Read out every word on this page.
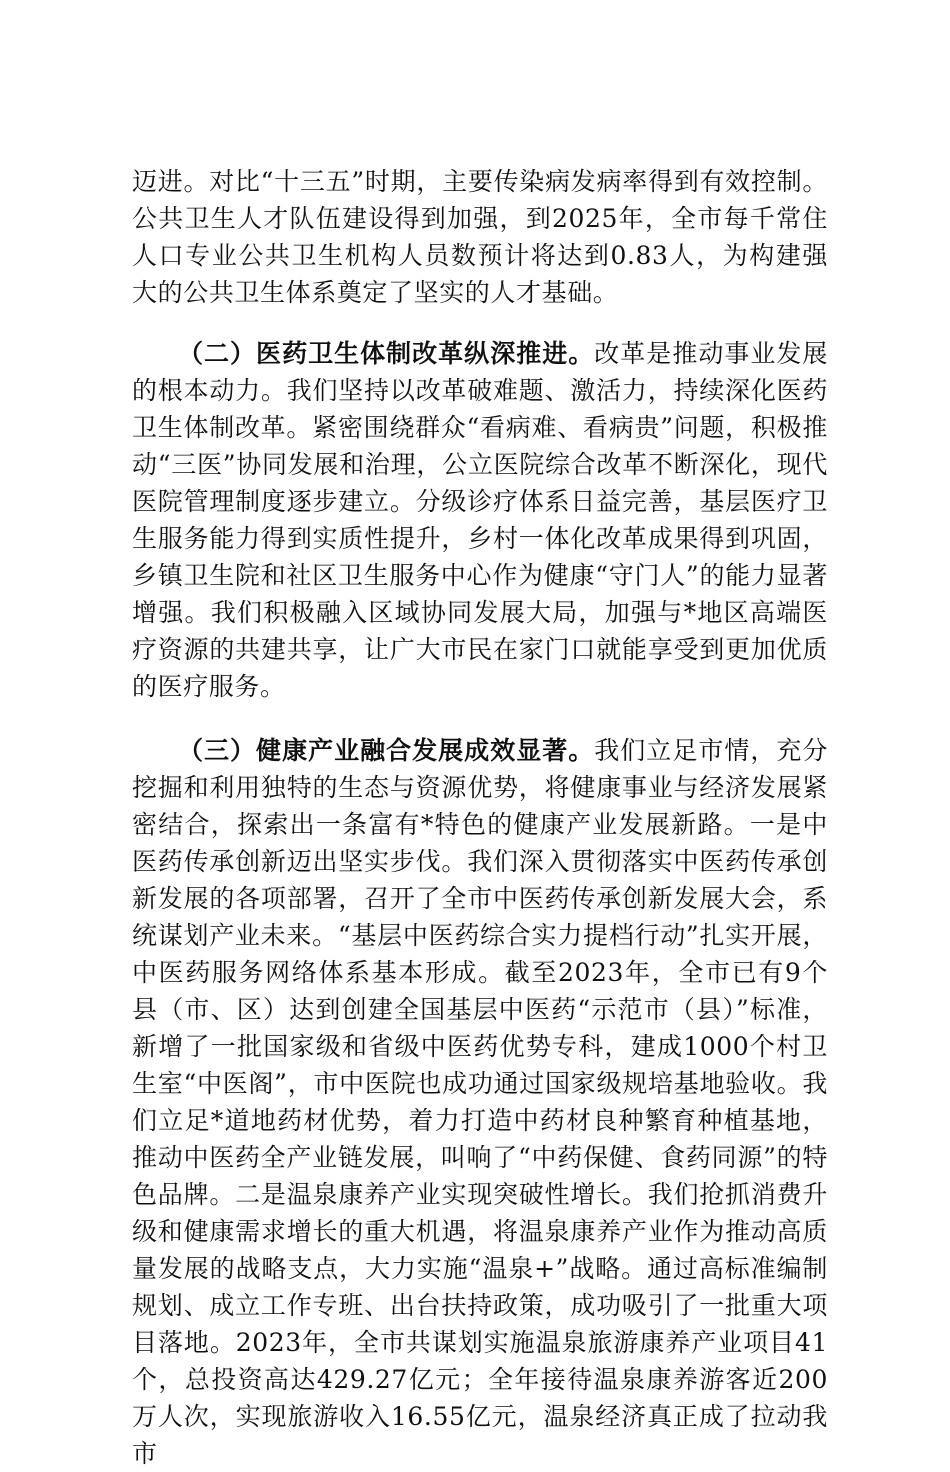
迈进。对比“十三五”时期，主要传染病发病率得到有效控制。公共卫生人才队伍建设得到加强，到2025年，全市每千常住人口专业公共卫生机构人员数预计将达到0.83人，为构建强大的公共卫生体系奠定了坚实的人才基础。

（二）医药卫生体制改革纵深推进。改革是推动事业发展的根本动力。我们坚持以改革破难题、激活力，持续深化医药卫生体制改革。紧密围绕群众“看病难、看病贵”问题，积极推动“三医”协同发展和治理，公立医院综合改革不断深化，现代医院管理制度逐步建立。分级诊疗体系日益完善，基层医疗卫生服务能力得到实质性提升，乡村一体化改革成果得到巩固，乡镇卫生院和社区卫生服务中心作为健康“守门人”的能力显著增强。我们积极融入区域协同发展大局，加强与*地区高端医疗资源的共建共享，让广大市民在家门口就能享受到更加优质的医疗服务。

（三）健康产业融合发展成效显著。我们立足市情，充分挖掘和利用独特的生态与资源优势，将健康事业与经济发展紧密结合，探索出一条富有*特色的健康产业发展新路。一是中医药传承创新迈出坚实步伐。我们深入贯彻落实中医药传承创新发展的各项部署，召开了全市中医药传承创新发展大会，系统谋划产业未来。“基层中医药综合实力提档行动”扎实开展，中医药服务网络体系基本形成。截至2023年，全市已有9个县（市、区）达到创建全国基层中医药“示范市（县）”标准，新增了一批国家级和省级中医药优势专科，建成1000个村卫生室“中医阁”，市中医院也成功通过国家级规培基地验收。我们立足*道地药材优势，着力打造中药材良种繁育种植基地，推动中医药全产业链发展，叫响了“中药保健、食药同源”的特色品牌。二是温泉康养产业实现突破性增长。我们抢抓消费升级和健康需求增长的重大机遇，将温泉康养产业作为推动高质量发展的战略支点，大力实施“温泉+”战略。通过高标准编制规划、成立工作专班、出台扶持政策，成功吸引了一批重大项目落地。2023年，全市共谋划实施温泉旅游康养产业项目41个，总投资高达429.27亿元；全年接待温泉康养游客近200万人次，实现旅游收入16.55亿元，温泉经济真正成了拉动我市
